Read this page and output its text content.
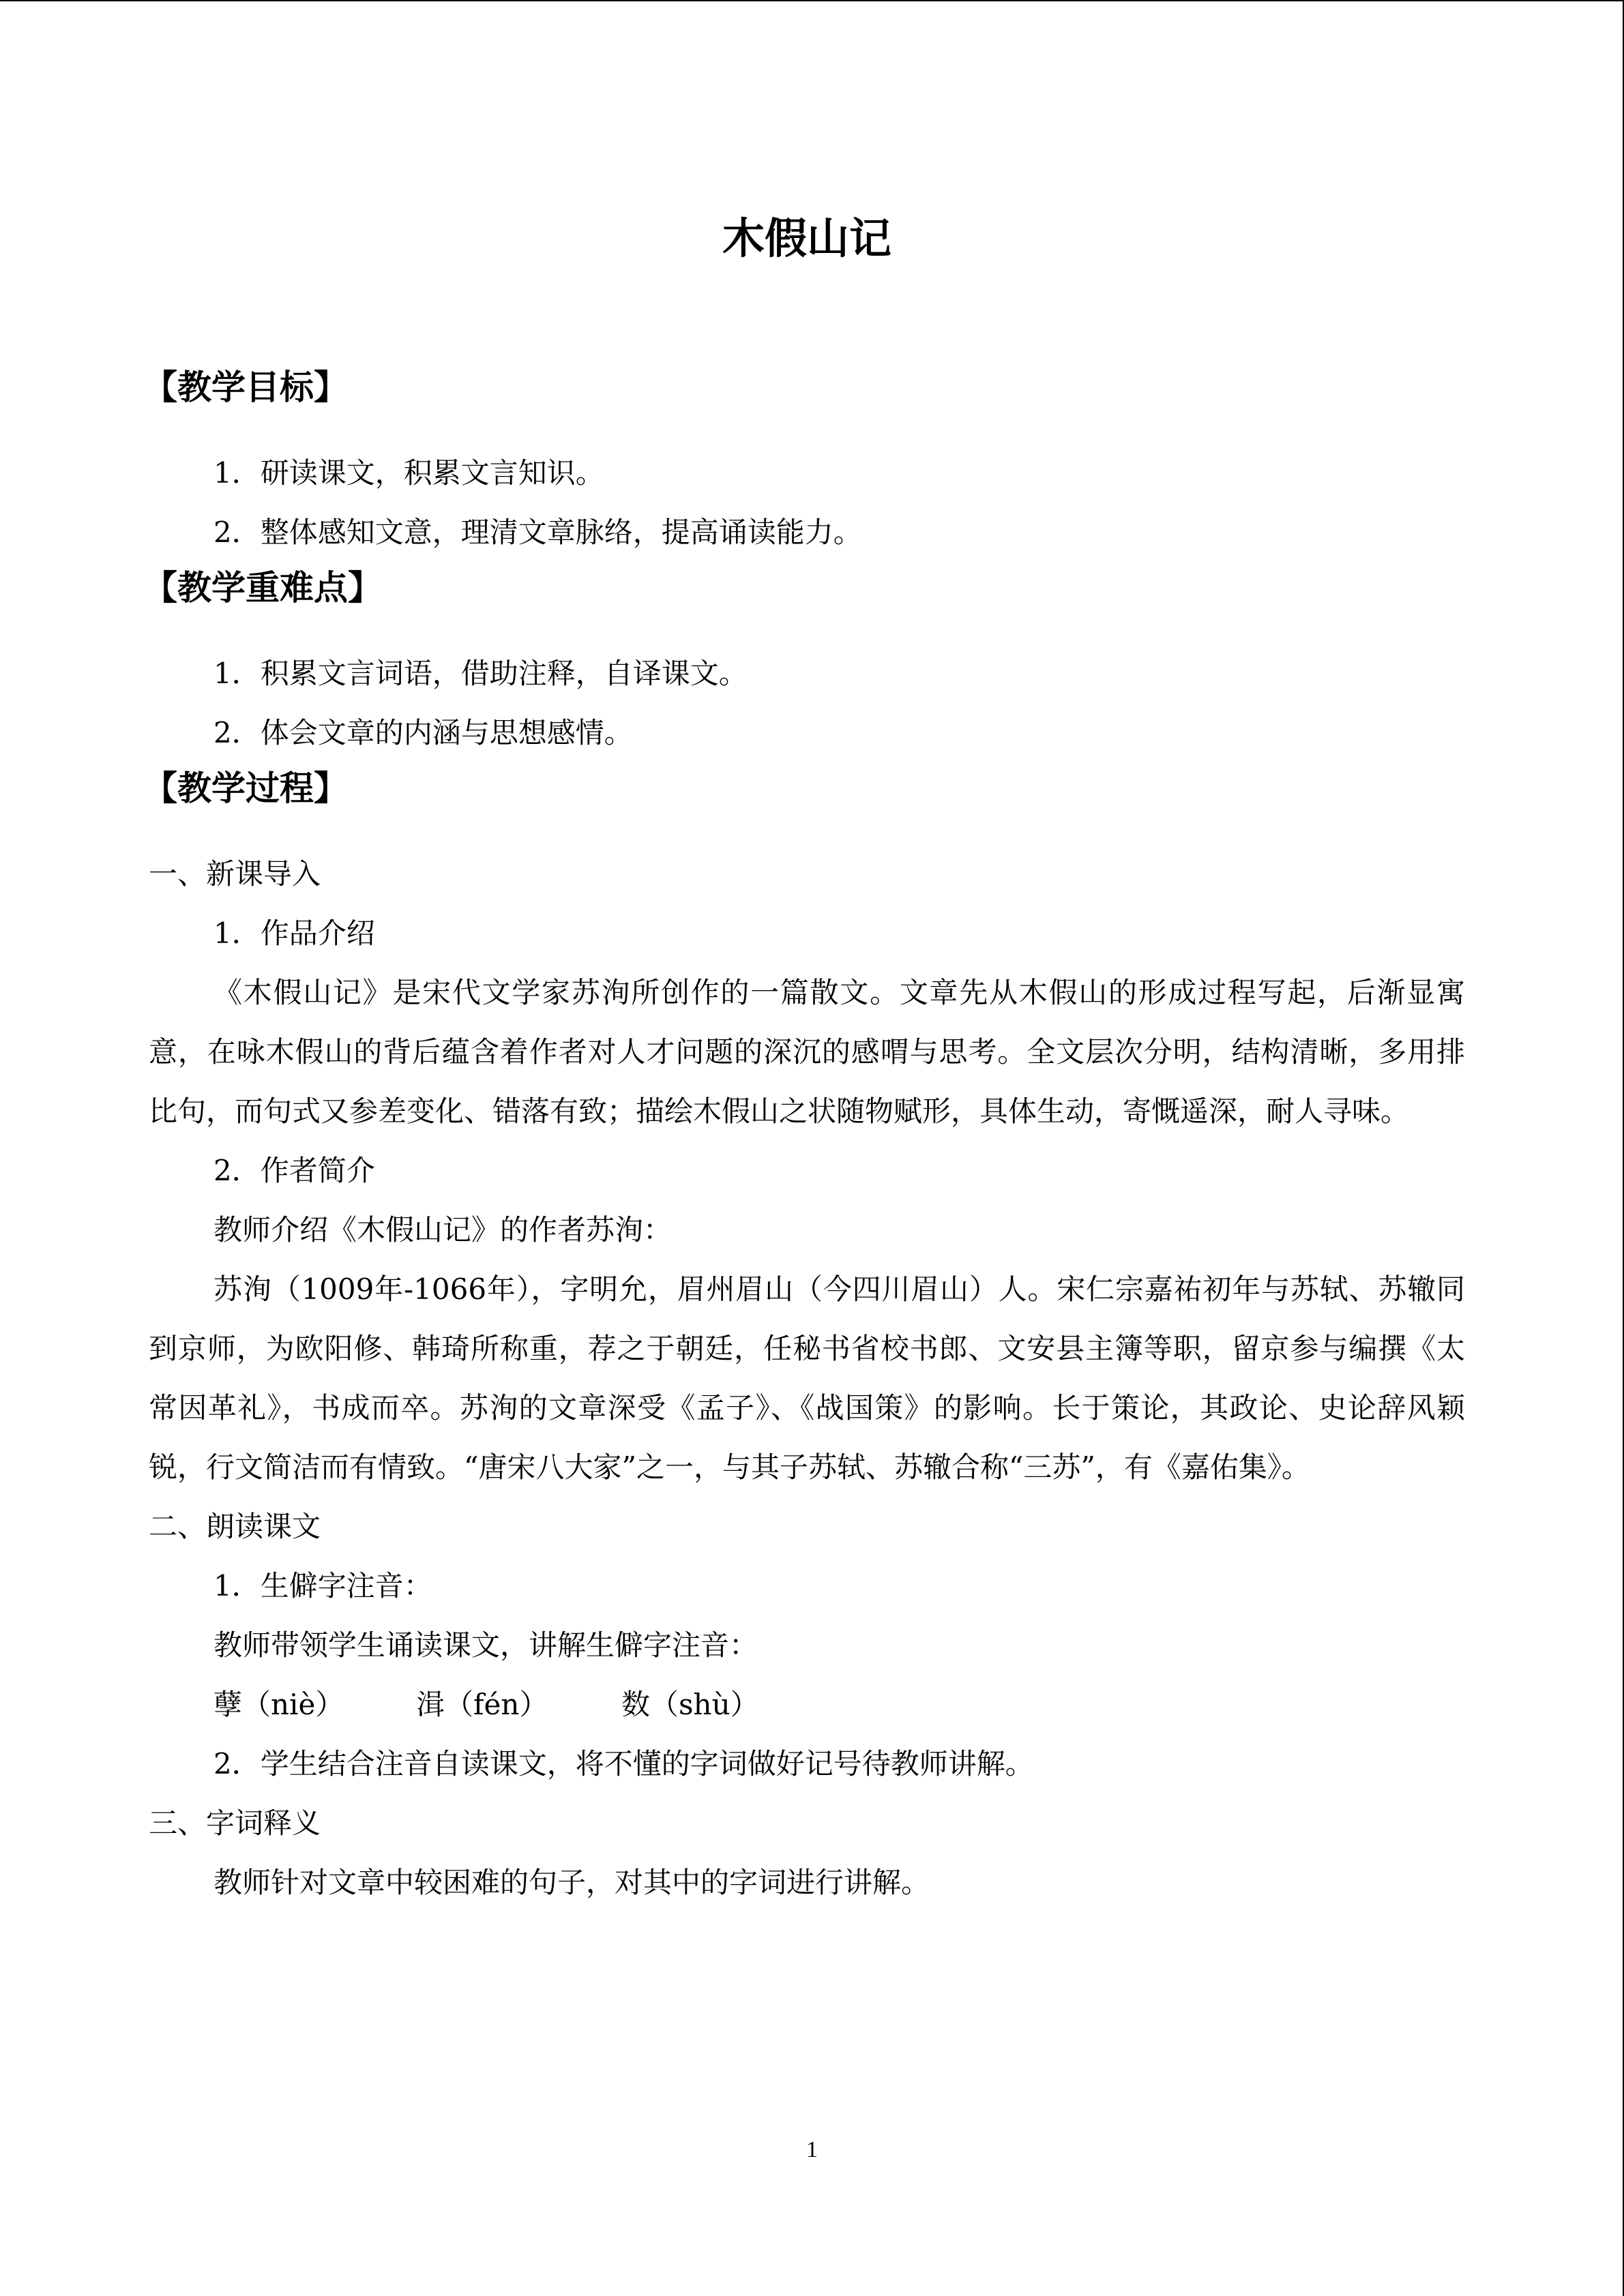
木假山记
【教学目标】

1．研读课文，积累文言知识。

2．整体感知文意，理清文章脉络，提高诵读能力。

【教学重难点】

1．积累文言词语，借助注释，自译课文。

2．体会文章的内涵与思想感情。

【教学过程】

一、新课导入

1．作品介绍

《木假山记》是宋代文学家苏洵所创作的一篇散文。文章先从木假山的形成过程写起，后渐显寓意，在咏木假山的背后蕴含着作者对人才问题的深沉的感喟与思考。全文层次分明，结构清晰，多用排比句，而句式又参差变化、错落有致；描绘木假山之状随物赋形，具体生动，寄慨遥深，耐人寻味。

2．作者简介

教师介绍《木假山记》的作者苏洵：

苏洵（1009年-1066年），字明允，眉州眉山（今四川眉山）人。宋仁宗嘉祐初年与苏轼、苏辙同到京师，为欧阳修、韩琦所称重，荐之于朝廷，任秘书省校书郎、文安县主簿等职，留京参与编撰《太常因革礼》，书成而卒。苏洵的文章深受《孟子》、《战国策》的影响。长于策论，其政论、史论辞风颖锐，行文简洁而有情致。“唐宋八大家”之一，与其子苏轼、苏辙合称“三苏”，有《嘉佑集》。

二、朗读课文

1．生僻字注音：

教师带领学生诵读课文，讲解生僻字注音：

孽（niè）	湒（fén）	数（shù）

2．学生结合注音自读课文，将不懂的字词做好记号待教师讲解。

三、字词释义

教师针对文章中较困难的句子，对其中的字词进行讲解。

1
